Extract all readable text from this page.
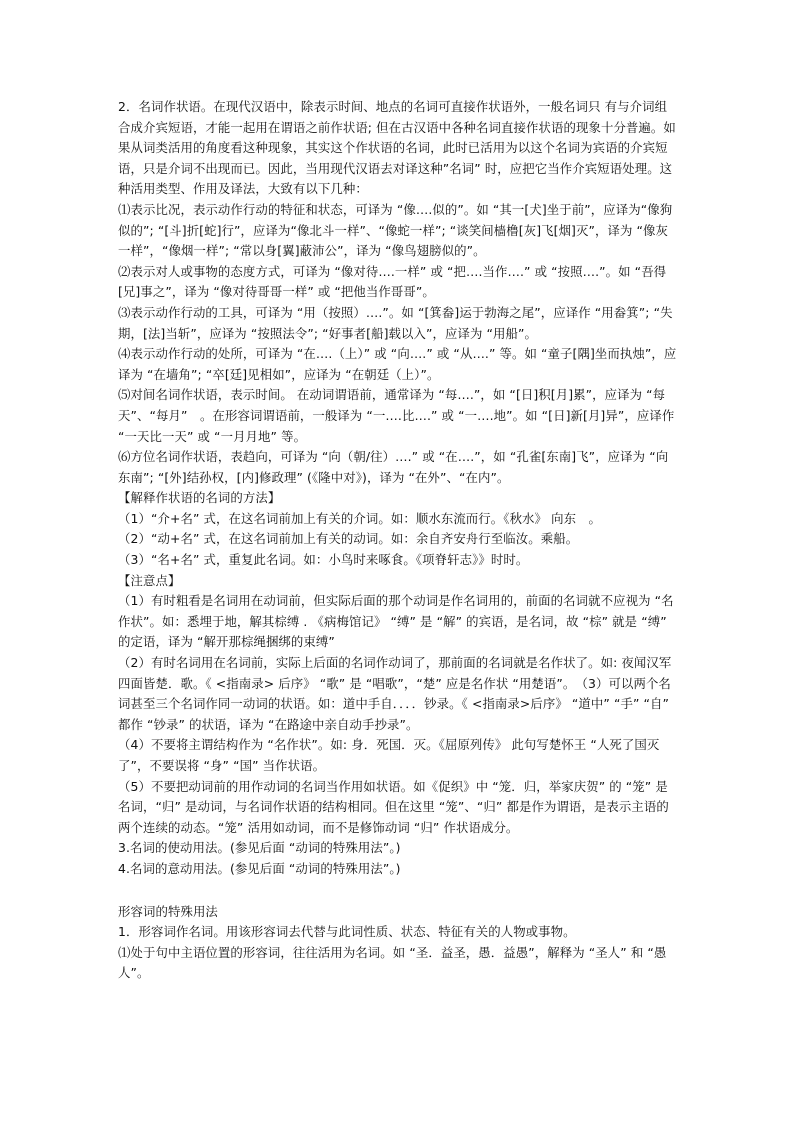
2．名词作状语。在现代汉语中，除表示时间、地点的名词可直接作状语外，一般名词只 有与介词组合成介宾短语，才能一起用在谓语之前作状语; 但在古汉语中各种名词直接作状语的现象十分普遍。如果从词类活用的角度看这种现象，其实这个作状语的名词，此时已活用为以这个名词为宾语的介宾短语，只是介词不出现而已。因此，当用现代汉语去对译这种”名词” 时，应把它当作介宾短语处理。这种活用类型、作用及译法，大致有以下几种：

⑴表示比况，表示动作行动的特征和状态，可译为 “像….似的”。如 “其一[犬]坐于前”，应译为“像狗似的”; “[斗]折[蛇]行”，应译为“像北斗一样”、“像蛇一样”; “谈笑间樯橹[灰]飞[烟]灭”，译为 “像灰一样”，“像烟一样”; “常以身[翼]蔽沛公”，译为 “像鸟翅膀似的”。

⑵表示对人或事物的态度方式，可译为 “像对待….一样” 或 “把….当作….” 或 “按照….”。如 “吾得[兄]事之”，译为 “像对待哥哥一样” 或 “把他当作哥哥”。

⑶表示动作行动的工具，可译为 “用（按照）….”。如 “[箕畚]运于勃海之尾”，应译作 “用畚箕”; “失期，[法]当斩”，应译为 “按照法令”; “好事者[船]载以入”，应译为 “用船”。

⑷表示动作行动的处所，可译为 “在….（上）” 或 “向….” 或 “从….” 等。如 “童子[隅]坐而执烛”，应译为 “在墙角”; “卒[廷]见相如”，应译为 “在朝廷（上）”。

⑸对间名词作状语，表示时间。 在动词谓语前，通常译为 “每….”，如 “[日]积[月]累”，应译为 “每天”、“每月”　。在形容词谓语前，一般译为 “一….比….” 或 “一….地”。如 “[日]新[月]异”，应译作 “一天比一天” 或 “一月月地” 等。

⑹方位名词作状语，表趋向，可译为 “向（朝/往）….” 或 “在….”，如 “孔雀[东南]飞”，应译为 “向东南”; “[外]结孙权，[内]修政理” (《隆中对》)，译为 “在外”、“在内”。

【解释作状语的名词的方法】

（1）“介+名” 式，在这名词前加上有关的介词。如：顺水东流而行。《秋水》 向东　。

（2）“动+名” 式，在这名词前加上有关的动词。如：余自齐安舟行至临汝。乘船。

（3）“名+名” 式，重复此名词。如：小鸟时来啄食。《项脊轩志》》时时。

【注意点】

（1）有时粗看是名词用在动词前，但实际后面的那个动词是作名词用的，前面的名词就不应视为 “名作状”。如：悉埋于地，解其棕缚 . 《病梅馆记》 “缚” 是 “解” 的宾语，是名词，故 “棕” 就是 “缚” 的定语，译为 “解开那棕绳捆绑的束缚”

（2）有时名词用在名词前，实际上后面的名词作动词了，那前面的名词就是名作状了。如: 夜闻汉军四面皆楚．歌。《 <指南录> 后序》 “歌” 是 “唱歌”，“楚” 应是名作状 “用楚语”。　（3）可以两个名词甚至三个名词作同一动词的状语。如：道中手自．．．．钞录。《 <指南录>后序》 “道中” “手” “自” 都作 “钞录” 的状语，译为 “在路途中亲自动手抄录”。

（4）不要将主谓结构作为 “名作状”。如: 身．死国．灭。《屈原列传》 此句写楚怀王 “人死了国灭了”，不要误将 “身” “国” 当作状语。

（5）不要把动词前的用作动词的名词当作用如状语。如《促织》中 “笼．归，举家庆贺” 的 “笼” 是名词，“归” 是动词，与名词作状语的结构相同。但在这里 “笼”、“归” 都是作为谓语，是表示主语的两个连续的动态。“笼” 活用如动词，而不是修饰动词 “归” 作状语成分。

3.名词的使动用法。(参见后面 “动词的特殊用法”。)

4.名词的意动用法。(参见后面 “动词的特殊用法”。)

形容词的特殊用法

1．形容词作名词。用该形容词去代替与此词性质、状态、特征有关的人物或事物。

⑴处于句中主语位置的形容词，往往活用为名词。如 “圣．益圣，愚．益愚”，解释为 “圣人” 和 “愚人”。
